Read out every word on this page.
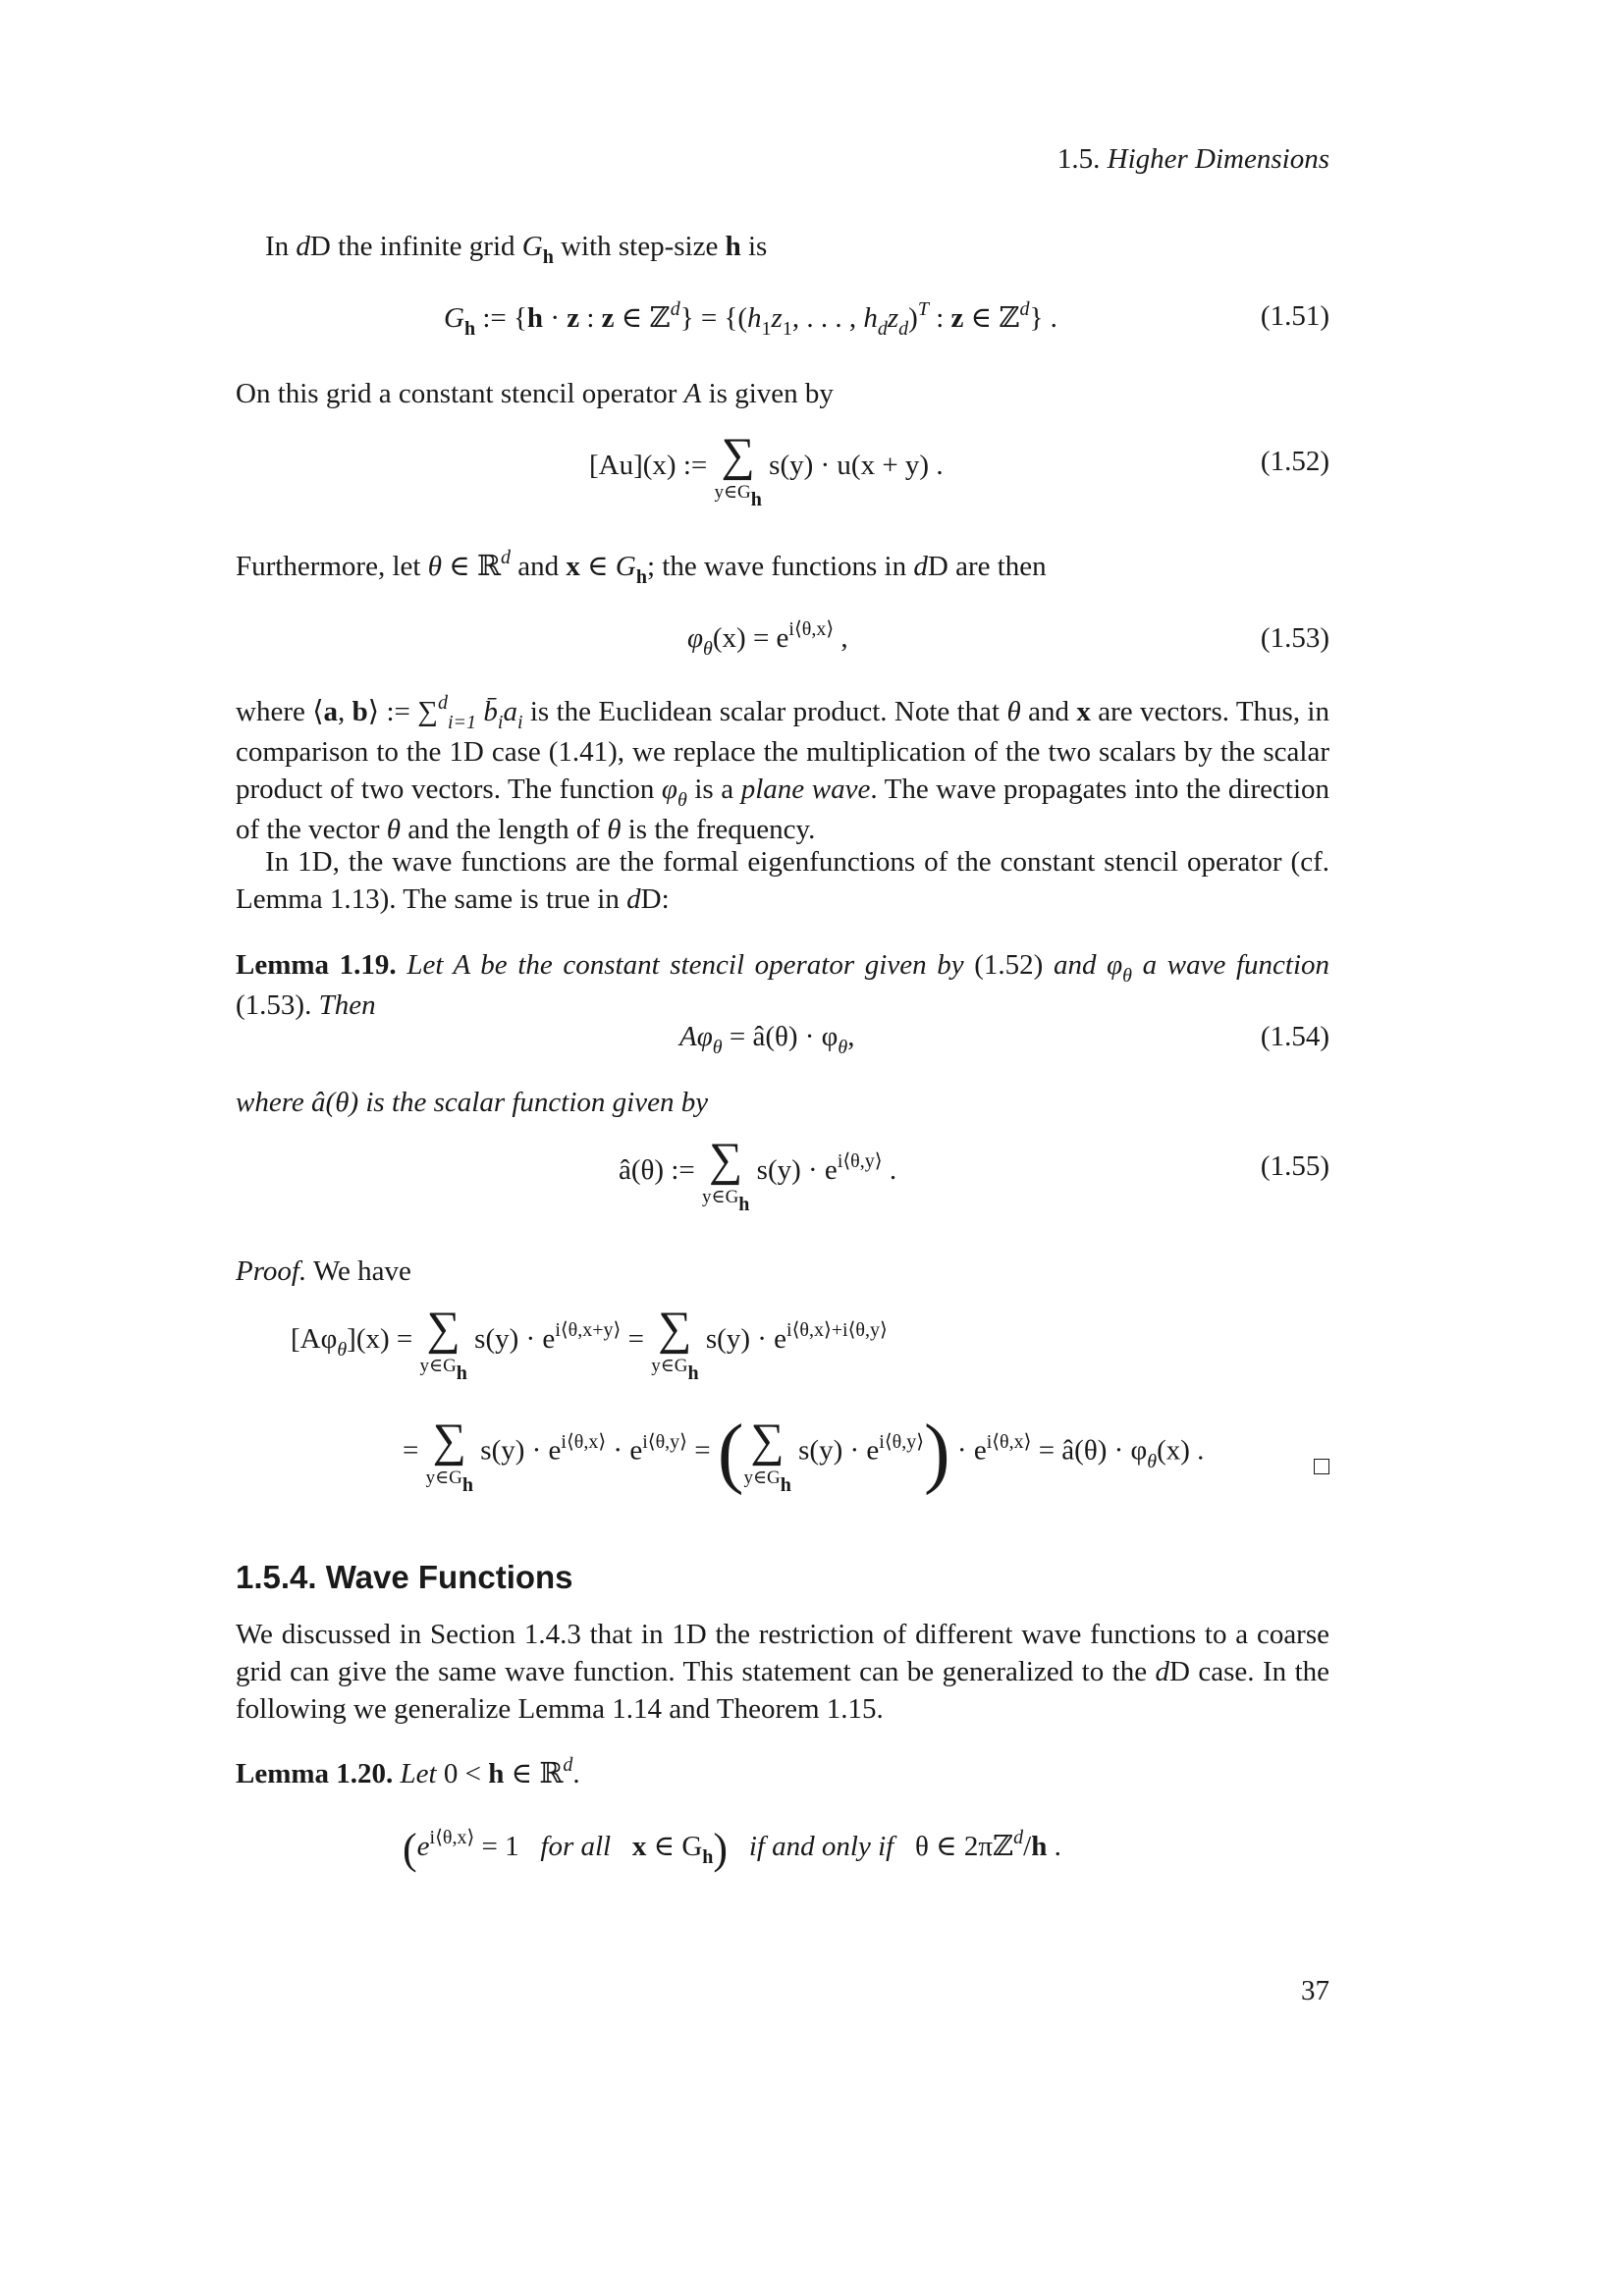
1.5. Higher Dimensions
In dD the infinite grid $G_h$ with step-size h is
$G_h$ := {h · z : z ∈ ℤ$^d$} = {($h_1z_1$, . . . , $h_dz_d)^T$ : z ∈ ℤ$^d$} .	(1.51)
On this grid a constant stencil operator A is given by
[Au](x) := ∑
y∈Gh
s(y) · u(x + y) .	(1.52)
Furthermore, let θ ∈ ℝ$^d$ and x ∈ $G_h$; the wave functions in dD are then
$\varphi_\theta(x) = e^{i⟨\theta,x⟩}$ ,	(1.53)
where ⟨a, b⟩ := ∑$^d_{i=1}$ $b̄_ia_i$ is the Euclidean scalar product. Note that θ and x are vectors. Thus, in comparison to the 1D case (1.41), we replace the multiplication of the two scalars by the scalar product of two vectors. The function $\varphi_\theta$ is a plane wave. The wave propagates into the direction of the vector θ and the length of θ is the frequency.
In 1D, the wave functions are the formal eigenfunctions of the constant stencil operator (cf. Lemma 1.13). The same is true in dD:
Lemma 1.19. Let A be the constant stencil operator given by (1.52) and $\varphi_\theta$ a wave function (1.53). Then
$A\varphi_\theta$ = â(θ) · $\varphi_\theta$,	(1.54)
where â(θ) is the scalar function given by
â(θ) := ∑
y∈Gh
$s(y) \cdot e^{i⟨\theta,y⟩}$ .	(1.55)
Proof. We have
$[A\varphi_\theta](x)$ = ∑
y∈Gh
$s(y) \cdot e^{i⟨\theta,x+y⟩}$ = ∑
y∈Gh
$s(y) \cdot e^{i⟨\theta,x⟩+i⟨\theta,y⟩}$
= ∑
y∈Gh
$s(y) \cdot e^{i⟨\theta,x⟩} \cdot e^{i⟨\theta,y⟩}$ = ( ∑
y∈Gh
$s(y) \cdot e^{i⟨\theta,y⟩}) \cdot e^{i⟨\theta,x⟩}$ = â(θ) · $\varphi_\theta(x)$ .
1.5.4. Wave Functions
We discussed in Section 1.4.3 that in 1D the restriction of different wave functions to a coarse grid can give the same wave function. This statement can be generalized to the dD case. In the following we generalize Lemma 1.14 and Theorem 1.15.
Lemma 1.20. Let 0 < h ∈ ℝ$^d$.
($e^{i⟨\theta,x⟩} = 1$ for all x ∈ $G_h$) if and only if θ ∈ 2πℤ$^d$/h .
37
